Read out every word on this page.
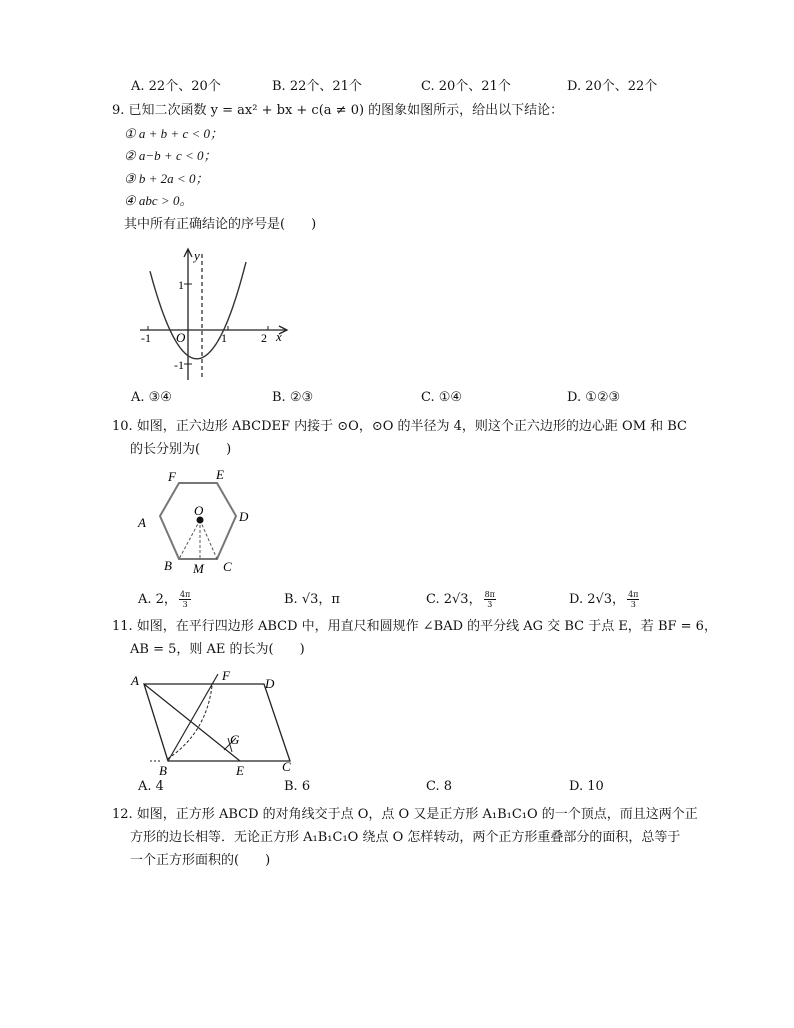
A. 22个、20个	B. 22个、21个	C. 20个、21个	D. 20个、22个
9. 已知二次函数 y = ax² + bx + c(a ≠ 0) 的图象如图所示，给出以下结论：
① a + b + c < 0；
② a−b + c < 0；
③ b + 2a < 0；
④ abc > 0。
其中所有正确结论的序号是(　　)
y
x
O
1
-1
-1	1	2
A. ③④	B. ②③	C. ①④	D. ①②③
10. 如图，正六边形 ABCDEF 内接于 ⊙O，⊙O 的半径为 4，则这个正六边形的边心距 OM 和 BC
的长分别为(　　)
F	E
D
A
O
B M C
A. 2， $\frac{4\pi}{3}$	B. √3，π	C. 2√3， $\frac{8\pi}{3}$	D. 2√3， $\frac{4\pi}{3}$
11. 如图，在平行四边形 ABCD 中，用直尺和圆规作 ∠BAD 的平分线 AG 交 BC 于点 E，若 BF = 6，
AB = 5，则 AE 的长为(　　)
A	F
D
G
B	E	C
A. 4	B. 6	C. 8	D. 10
12. 如图，正方形 ABCD 的对角线交于点 O，点 O 又是正方形 A₁B₁C₁O 的一个顶点，而且这两个正
方形的边长相等．无论正方形 A₁B₁C₁O 绕点 O 怎样转动，两个正方形重叠部分的面积，总等于
一个正方形面积的(　　)
